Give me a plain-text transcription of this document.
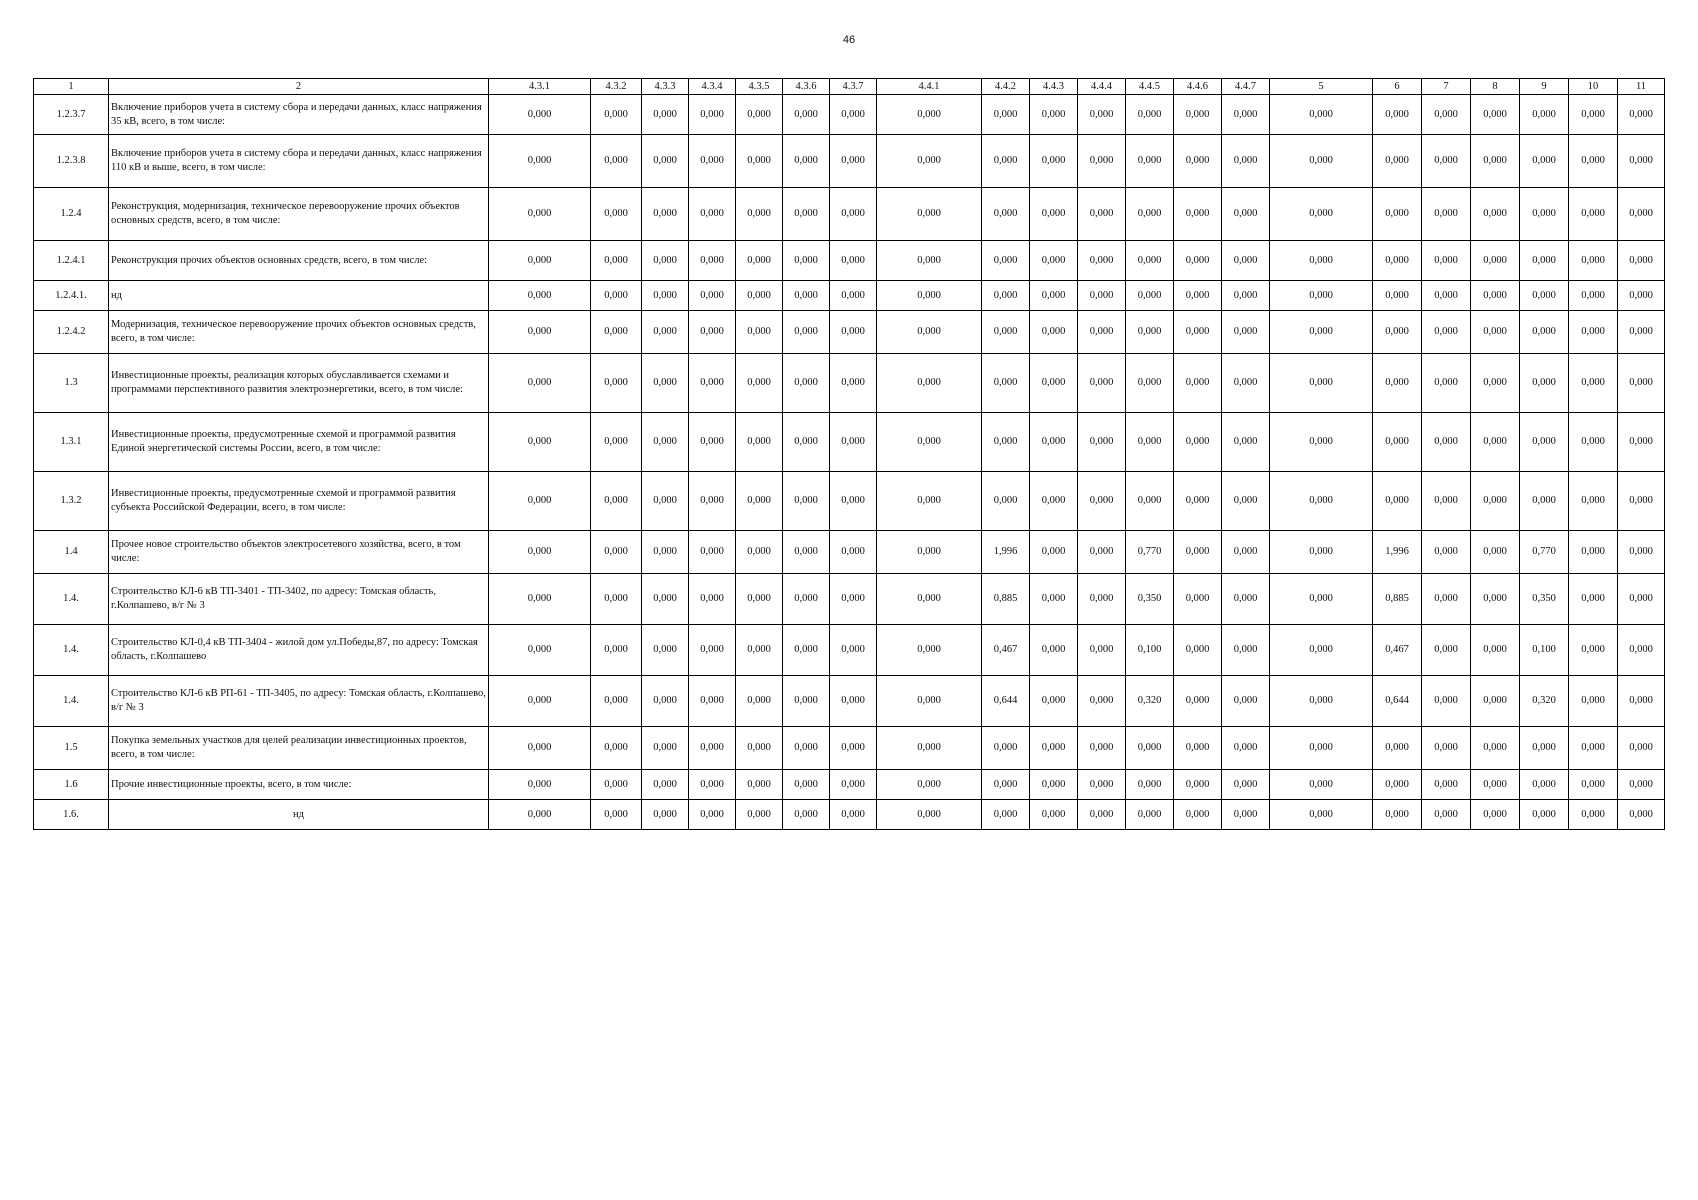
46
1	2	4.3.1	4.3.2	4.3.3	4.3.4	4.3.5	4.3.6	4.3.7	4.4.1	4.4.2	4.4.3	4.4.4	4.4.5	4.4.6	4.4.7	5	6	7	8	9	10	11
1.2.3.7	Включение приборов учета в систему сбора и передачи данных, класс напряжения 35 кВ, всего, в том числе:	0,000	0,000	0,000	0,000	0,000	0,000	0,000	0,000	0,000	0,000	0,000	0,000	0,000	0,000	0,000	0,000	0,000	0,000	0,000	0,000	0,000
1.2.3.8	Включение приборов учета в систему сбора и передачи данных, класс напряжения 110 кВ и выше, всего, в том числе:	0,000	0,000	0,000	0,000	0,000	0,000	0,000	0,000	0,000	0,000	0,000	0,000	0,000	0,000	0,000	0,000	0,000	0,000	0,000	0,000	0,000
1.2.4	Реконструкция, модернизация, техническое перевооружение прочих объектов основных средств, всего, в том числе:	0,000	0,000	0,000	0,000	0,000	0,000	0,000	0,000	0,000	0,000	0,000	0,000	0,000	0,000	0,000	0,000	0,000	0,000	0,000	0,000	0,000
1.2.4.1	Реконструкция прочих объектов основных средств, всего, в том числе:	0,000	0,000	0,000	0,000	0,000	0,000	0,000	0,000	0,000	0,000	0,000	0,000	0,000	0,000	0,000	0,000	0,000	0,000	0,000	0,000	0,000
1.2.4.1.	нд	0,000	0,000	0,000	0,000	0,000	0,000	0,000	0,000	0,000	0,000	0,000	0,000	0,000	0,000	0,000	0,000	0,000	0,000	0,000	0,000	0,000
1.2.4.2	Модернизация, техническое перевооружение прочих объектов основных средств, всего, в том числе:	0,000	0,000	0,000	0,000	0,000	0,000	0,000	0,000	0,000	0,000	0,000	0,000	0,000	0,000	0,000	0,000	0,000	0,000	0,000	0,000	0,000
1.3	Инвестиционные проекты, реализация которых обуславливается схемами и программами перспективного развития электроэнергетики, всего, в том числе:	0,000	0,000	0,000	0,000	0,000	0,000	0,000	0,000	0,000	0,000	0,000	0,000	0,000	0,000	0,000	0,000	0,000	0,000	0,000	0,000	0,000
1.3.1	Инвестиционные проекты, предусмотренные схемой и программой развития Единой энергетической системы России, всего, в том числе:	0,000	0,000	0,000	0,000	0,000	0,000	0,000	0,000	0,000	0,000	0,000	0,000	0,000	0,000	0,000	0,000	0,000	0,000	0,000	0,000	0,000
1.3.2	Инвестиционные проекты, предусмотренные схемой и программой развития субъекта Российской Федерации, всего, в том числе:	0,000	0,000	0,000	0,000	0,000	0,000	0,000	0,000	0,000	0,000	0,000	0,000	0,000	0,000	0,000	0,000	0,000	0,000	0,000	0,000	0,000
1.4	Прочее новое строительство объектов электросетевого хозяйства, всего, в том числе:	0,000	0,000	0,000	0,000	0,000	0,000	0,000	0,000	1,996	0,000	0,000	0,770	0,000	0,000	0,000	1,996	0,000	0,000	0,770	0,000	0,000
1.4.	Строительство КЛ-6 кВ ТП-3401 - ТП-3402, по адресу: Томская область, г.Колпашево, в/г № 3	0,000	0,000	0,000	0,000	0,000	0,000	0,000	0,000	0,885	0,000	0,000	0,350	0,000	0,000	0,000	0,885	0,000	0,000	0,350	0,000	0,000
1.4.	Строительство КЛ-0,4 кВ ТП-3404 - жилой дом ул.Победы,87, по адресу: Томская область, г.Колпашево	0,000	0,000	0,000	0,000	0,000	0,000	0,000	0,000	0,467	0,000	0,000	0,100	0,000	0,000	0,000	0,467	0,000	0,000	0,100	0,000	0,000
1.4.	Строительство КЛ-6 кВ РП-61 - ТП-3405, по адресу: Томская область, г.Колпашево, в/г № 3	0,000	0,000	0,000	0,000	0,000	0,000	0,000	0,000	0,644	0,000	0,000	0,320	0,000	0,000	0,000	0,644	0,000	0,000	0,320	0,000	0,000
1.5	Покупка земельных участков для целей реализации инвестиционных проектов, всего, в том числе:	0,000	0,000	0,000	0,000	0,000	0,000	0,000	0,000	0,000	0,000	0,000	0,000	0,000	0,000	0,000	0,000	0,000	0,000	0,000	0,000	0,000
1.6	Прочие инвестиционные проекты, всего, в том числе:	0,000	0,000	0,000	0,000	0,000	0,000	0,000	0,000	0,000	0,000	0,000	0,000	0,000	0,000	0,000	0,000	0,000	0,000	0,000	0,000	0,000
1.6.	нд	0,000	0,000	0,000	0,000	0,000	0,000	0,000	0,000	0,000	0,000	0,000	0,000	0,000	0,000	0,000	0,000	0,000	0,000	0,000	0,000	0,000
